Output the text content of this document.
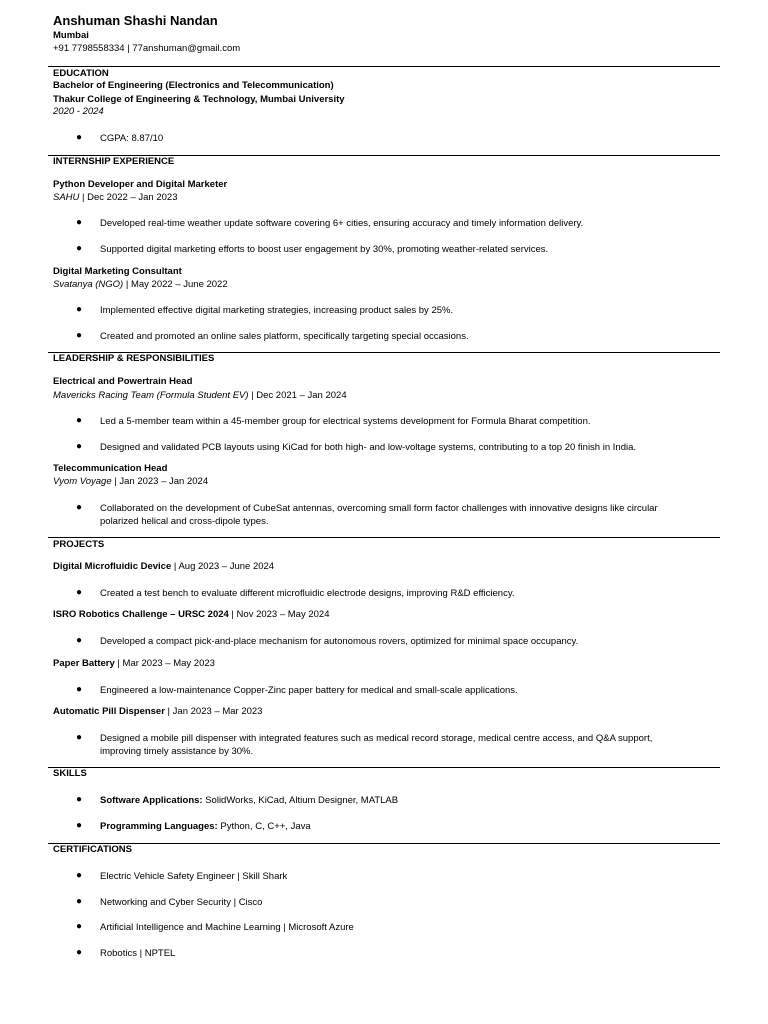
Anshuman Shashi Nandan
Mumbai
+91 7798558334 | 77anshuman@gmail.com
EDUCATION
Bachelor of Engineering (Electronics and Telecommunication)
Thakur College of Engineering & Technology, Mumbai University
2020 - 2024
● CGPA: 8.87/10
INTERNSHIP EXPERIENCE
Python Developer and Digital Marketer
SAHU | Dec 2022 – Jan 2023
● Developed real-time weather update software covering 6+ cities, ensuring accuracy and timely information delivery.
● Supported digital marketing efforts to boost user engagement by 30%, promoting weather-related services.
Digital Marketing Consultant
Svatanya (NGO) | May 2022 – June 2022
● Implemented effective digital marketing strategies, increasing product sales by 25%.
● Created and promoted an online sales platform, specifically targeting special occasions.
LEADERSHIP & RESPONSIBILITIES
Electrical and Powertrain Head
Mavericks Racing Team (Formula Student EV) | Dec 2021 – Jan 2024
● Led a 5-member team within a 45-member group for electrical systems development for Formula Bharat competition.
● Designed and validated PCB layouts using KiCad for both high- and low-voltage systems, contributing to a top 20 finish in India.
Telecommunication Head
Vyom Voyage | Jan 2023 – Jan 2024
● Collaborated on the development of CubeSat antennas, overcoming small form factor challenges with innovative designs like circular
polarized helical and cross-dipole types.
PROJECTS
Digital Microfluidic Device | Aug 2023 – June 2024
● Created a test bench to evaluate different microfluidic electrode designs, improving R&D efficiency.
ISRO Robotics Challenge – URSC 2024 | Nov 2023 – May 2024
● Developed a compact pick-and-place mechanism for autonomous rovers, optimized for minimal space occupancy.
Paper Battery | Mar 2023 – May 2023
● Engineered a low-maintenance Copper-Zinc paper battery for medical and small-scale applications.
Automatic Pill Dispenser | Jan 2023 – Mar 2023
● Designed a mobile pill dispenser with integrated features such as medical record storage, medical centre access, and Q&A support,
improving timely assistance by 30%.
SKILLS
● Software Applications: SolidWorks, KiCad, Altium Designer, MATLAB
● Programming Languages: Python, C, C++, Java
CERTIFICATIONS
● Electric Vehicle Safety Engineer | Skill Shark
● Networking and Cyber Security | Cisco
● Artificial Intelligence and Machine Learning | Microsoft Azure
● Robotics | NPTEL
